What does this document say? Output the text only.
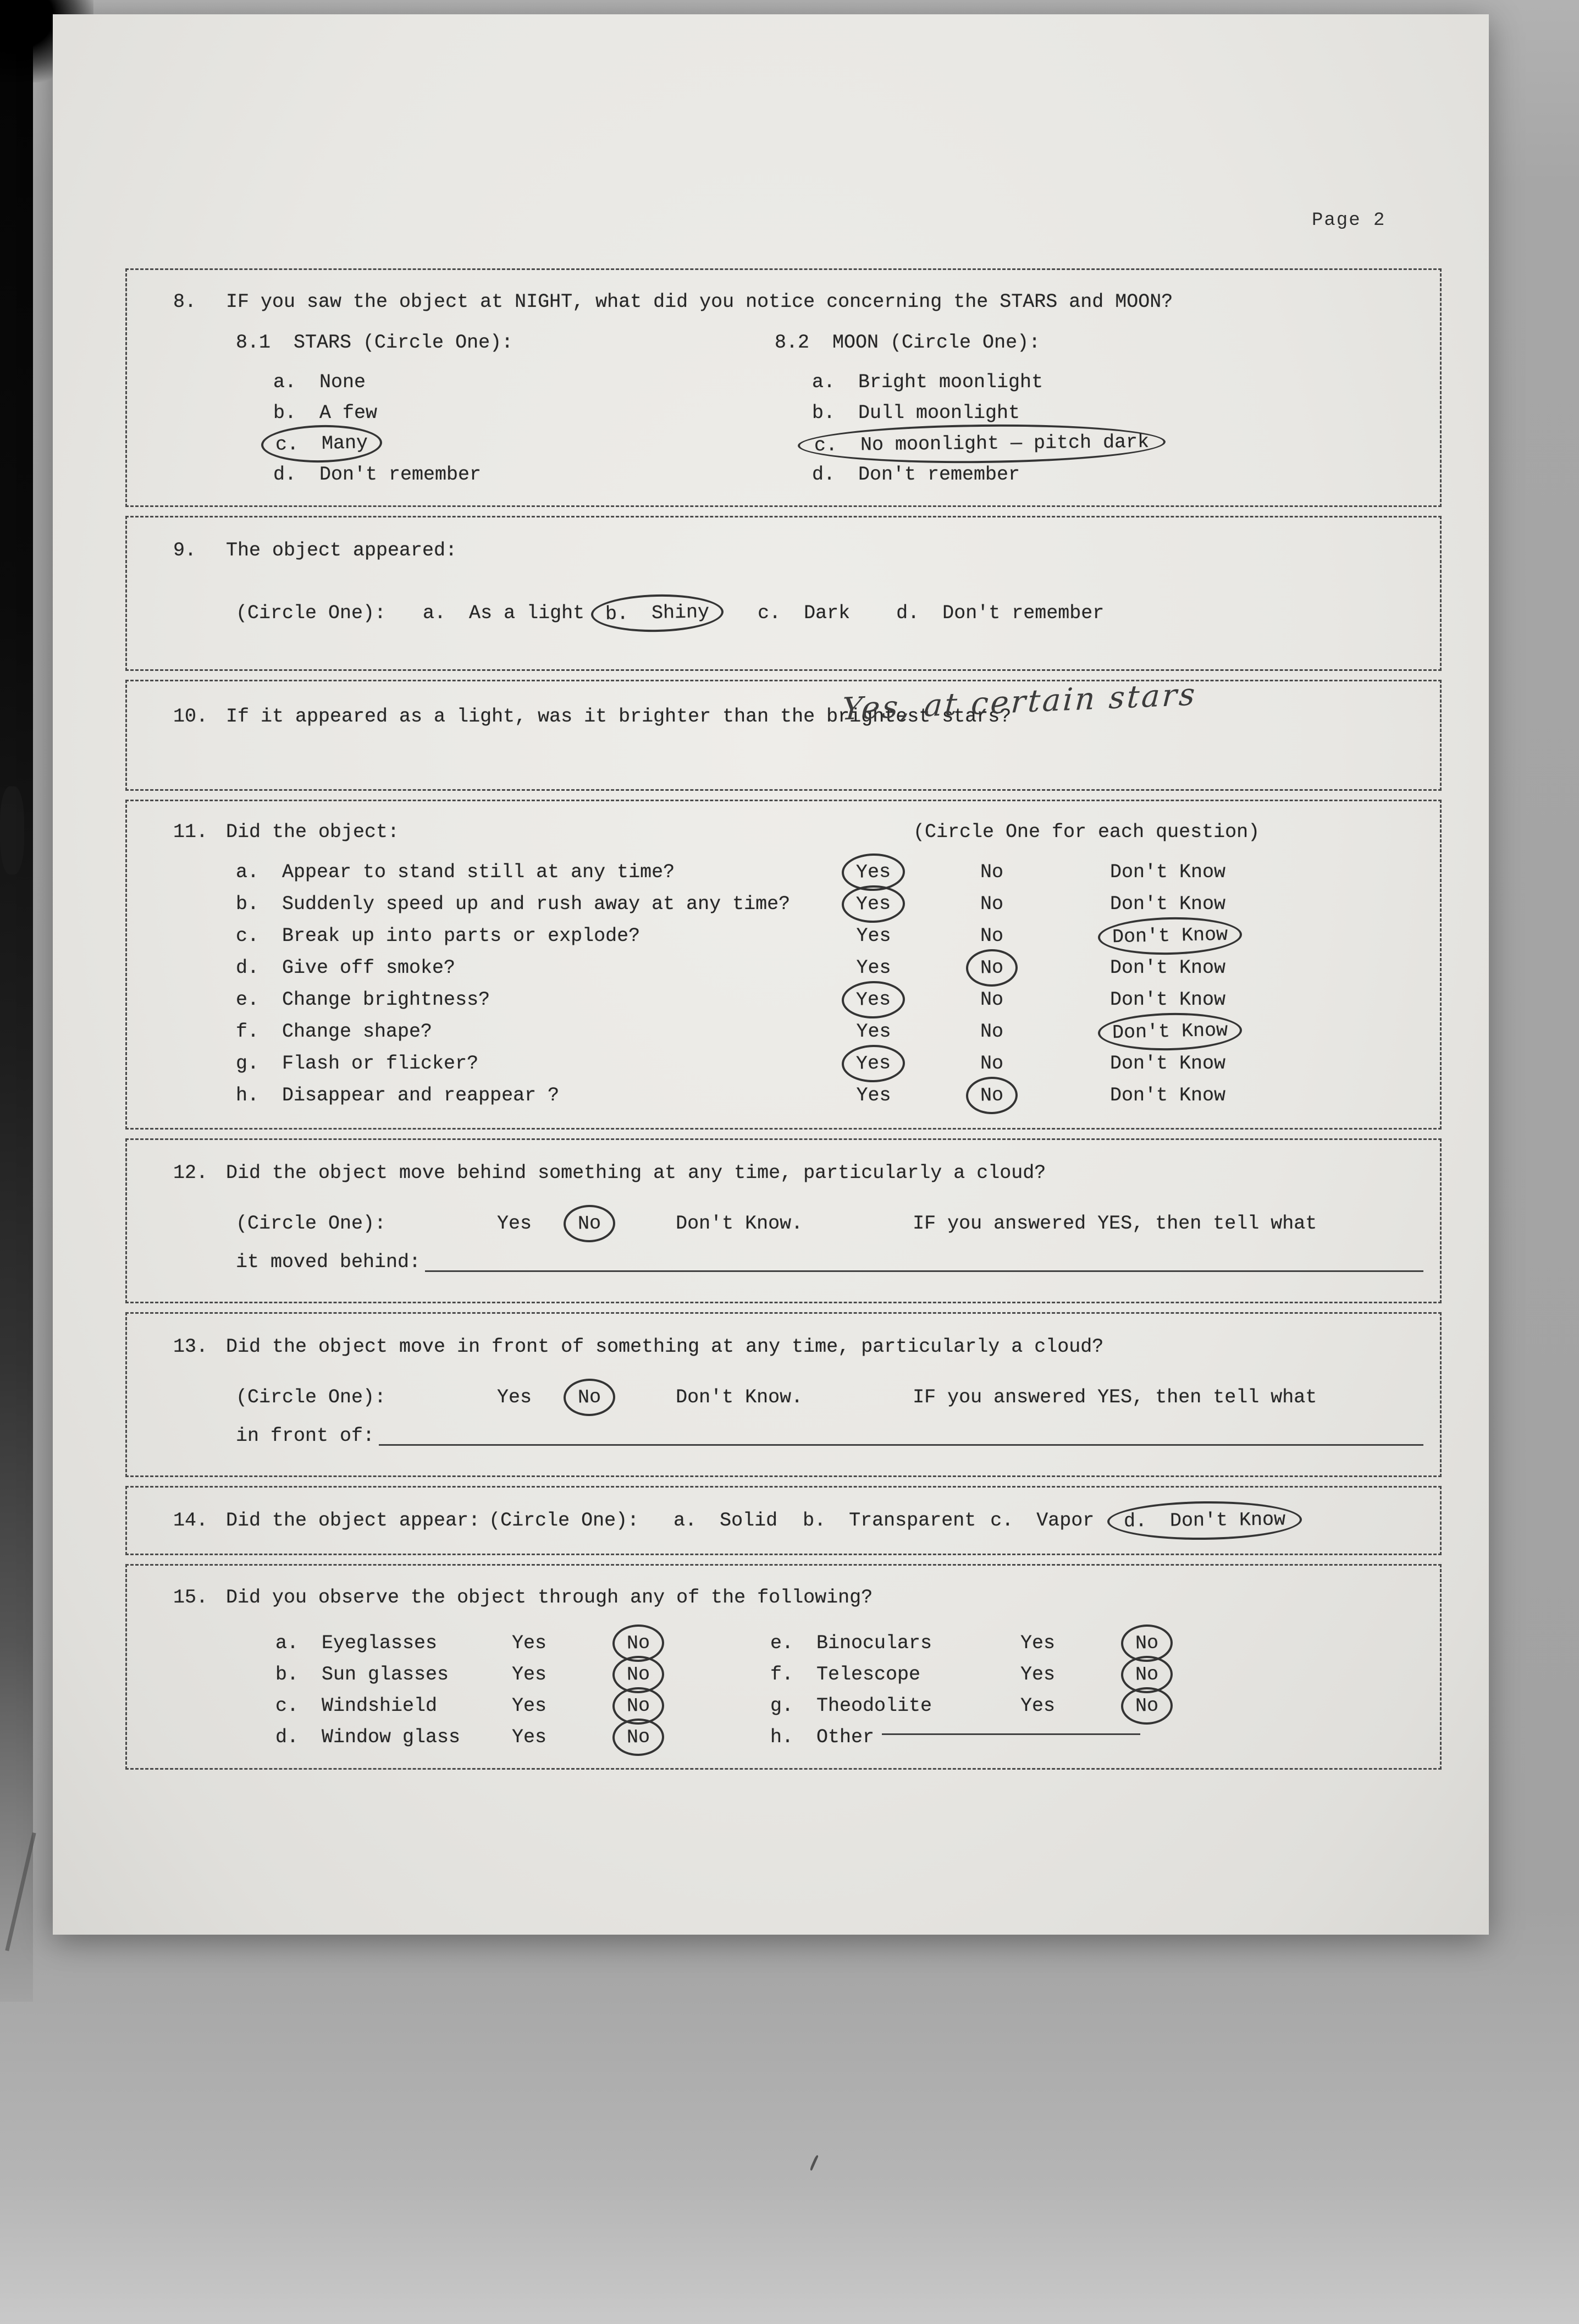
Page 2
8.	IF you saw the object at NIGHT, what did you notice concerning the STARS and MOON?
8.1  STARS (Circle One):
a.  None
b.  A few
c.  Many
d.  Don't remember
8.2  MOON (Circle One):
a.  Bright moonlight
b.  Dull moonlight
c.  No moonlight — pitch dark
d.  Don't remember
9.	The object appeared:
(Circle One): a.  As a light b.  Shiny	c.  Dark d.  Don't remember
10. If it appeared as a light, was it brighter than the brightest stars?
Yes, at certain stars
11. Did the object:	(Circle One for each question)
a.  Appear to stand still at any time?	Yes	No	Don't Know
b.  Suddenly speed up and rush away at any time?	Yes	No	Don't Know
c.  Break up into parts or explode?	Yes	No	Don't Know
d.  Give off smoke?	Yes	No	Don't Know
e.  Change brightness?	Yes	No	Don't Know
f.  Change shape?	Yes	No	Don't Know
g.  Flash or flicker?	Yes	No	Don't Know
h.  Disappear and reappear ?	Yes	No	Don't Know
12. Did the object move behind something at any time, particularly a cloud?
(Circle One):	Yes No	Don't Know.	IF you answered YES, then tell what
it moved behind:
13. Did the object move in front of something at any time, particularly a cloud?
(Circle One):	Yes No	Don't Know.	IF you answered YES, then tell what
in front of:
14. Did the object appear: (Circle One): a.  Solid b.  Transparent c.  Vapor d.  Don't Know
15. Did you observe the object through any of the following?
a.  Eyeglasses	Yes	No
b.  Sun glasses	Yes	No
c.  Windshield	Yes	No
d.  Window glass	Yes	No
e.  Binoculars	Yes	No
f.  Telescope	Yes	No
g.  Theodolite	Yes	No
h.  Other
